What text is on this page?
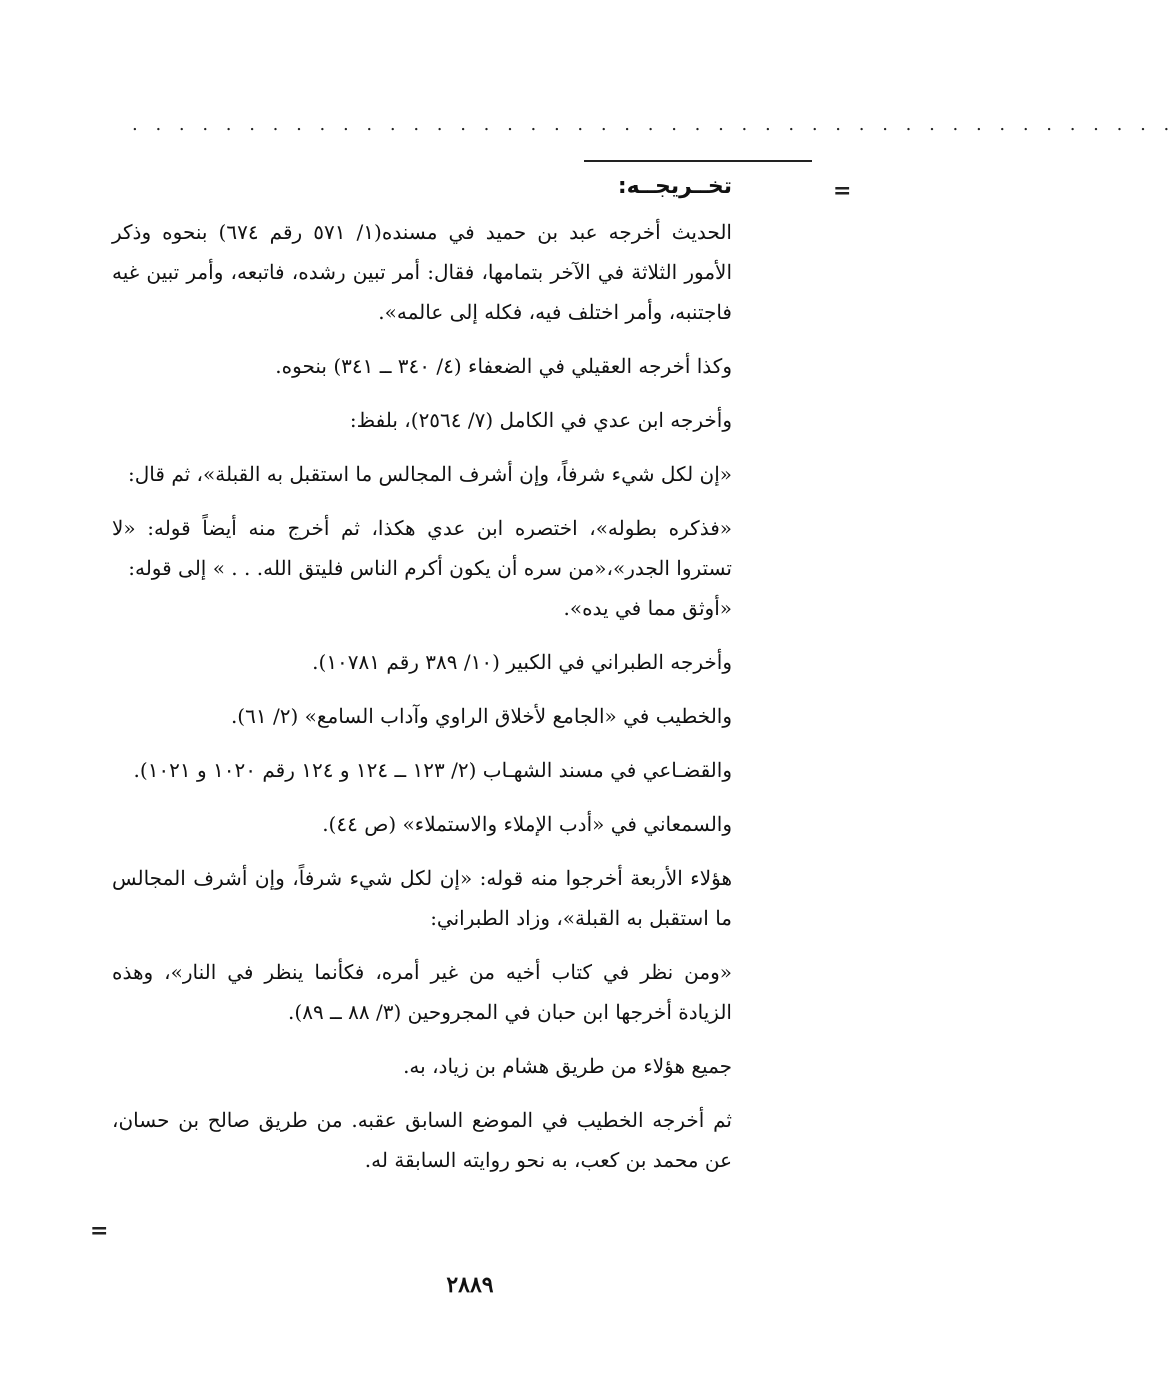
. . . . . . . . . . . . . . . . . . . . . . . . . . . . . . . . . . . . . . . . . . . . .
=
تخــريجــه:

الحديث أخرجه عبد بن حميد في مسنده(١/ ٥٧١ رقم ٦٧٤) بنحوه وذكر الأمور الثلاثة في الآخر بتمامها، فقال: أمر تبين رشده، فاتبعه، وأمر تبين غيه فاجتنبه، وأمر اختلف فيه، فكله إلى عالمه».

وكذا أخرجه العقيلي في الضعفاء (٤/ ٣٤٠ ــ ٣٤١) بنحوه.

وأخرجه ابن عدي في الكامل (٧/ ٢٥٦٤)، بلفظ:

«إن لكل شيء شرفاً، وإن أشرف المجالس ما استقبل به القبلة»، ثم قال:

«فذكره بطوله»، اختصره ابن عدي هكذا، ثم أخرج منه أيضاً قوله: «لا تستروا الجدر»،«من سره أن يكون أكرم الناس فليتق الله. . . » إلى قوله:

«أوثق مما في يده».

وأخرجه الطبراني في الكبير (١٠/ ٣٨٩ رقم ١٠٧٨١).

والخطيب في «الجامع لأخلاق الراوي وآداب السامع» (٢/ ٦١).

والقضـاعي في مسند الشهـاب (٢/ ١٢٣ ــ ١٢٤ و ١٢٤ رقم ١٠٢٠ و ١٠٢١).

والسمعاني في «أدب الإملاء والاستملاء» (ص ٤٤).

هؤلاء الأربعة أخرجوا منه قوله: «إن لكل شيء شرفاً، وإن أشرف المجالس ما استقبل به القبلة»، وزاد الطبراني:

«ومن نظر في كتاب أخيه من غير أمره، فكأنما ينظر في النار»، وهذه الزيادة أخرجها ابن حبان في المجروحين (٣/ ٨٨ ــ ٨٩).

جميع هؤلاء من طريق هشام بن زياد، به.

ثم أخرجه الخطيب في الموضع السابق عقبه. من طريق صالح بن حسان، عن محمد بن كعب، به نحو روايته السابقة له.

=
٢٨٨٩
